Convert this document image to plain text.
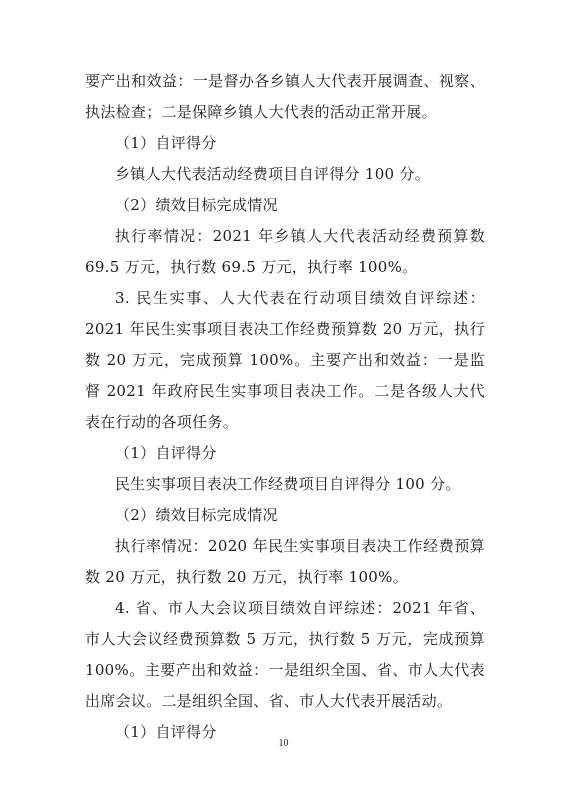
要产出和效益：一是督办各乡镇人大代表开展调查、视察、执法检查；二是保障乡镇人大代表的活动正常开展。

（1）自评得分

乡镇人大代表活动经费项目自评得分 100 分。

（2）绩效目标完成情况

执行率情况：2021 年乡镇人大代表活动经费预算数 69.5 万元，执行数 69.5 万元，执行率 100%。

3. 民生实事、人大代表在行动项目绩效自评综述：2021 年民生实事项目表决工作经费预算数 20 万元，执行数 20 万元，完成预算 100%。主要产出和效益：一是监督 2021 年政府民生实事项目表决工作。二是各级人大代表在行动的各项任务。

（1）自评得分

民生实事项目表决工作经费项目自评得分 100 分。

（2）绩效目标完成情况

执行率情况：2020 年民生实事项目表决工作经费预算数 20 万元，执行数 20 万元，执行率 100%。

4. 省、市人大会议项目绩效自评综述：2021 年省、市人大会议经费预算数 5 万元，执行数 5 万元，完成预算 100%。主要产出和效益：一是组织全国、省、市人大代表出席会议。二是组织全国、省、市人大代表开展活动。

（1）自评得分

10
